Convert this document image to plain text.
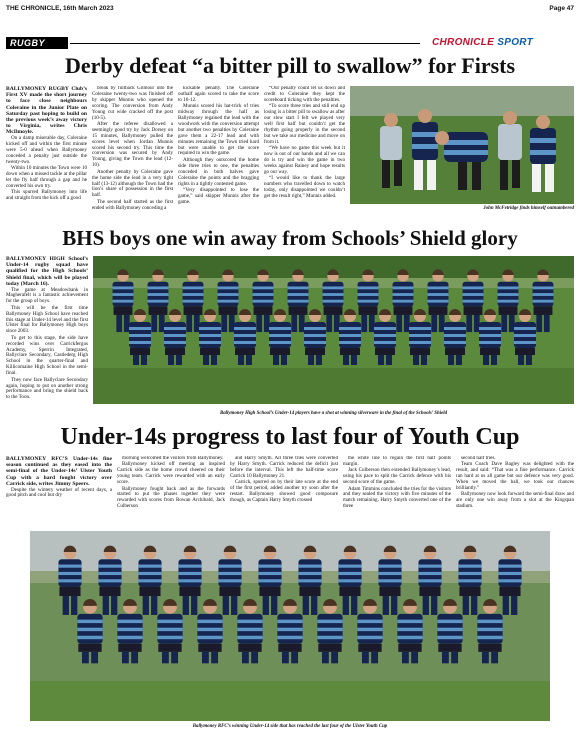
THE CHRONICLE, 16th March 2023	Page 47
RUGBY	CHRONICLE SPORT
Derby defeat “a bitter pill to swallow” for Firsts

BALLYMONEY RUGBY Club’s First XV made the short journey to face close neighbours Coleraine in the Junior Plate on Saturday past hoping to build on the previous week’s away victory to Virginia, writes Chris McIlmoyle.

On a damp miserable day, Coleraine kicked off and within the first minute were 5-0 ahead when Ballymoney conceded a penalty just outside the twenty-two.

Within 10 minutes the Town were 10 down when a missed tackle at the pillar let the fly half through a gap and he converted his own try.

This spurred Ballymoney into life and straight from the kick off a good

break by fullback Gilmour into the Coleraine twenty-two was finished off by skipper Munnis who opened the scoring. The conversion from Andy Young cut wide cracked off the post (10-5).

After the referee disallowed a seemingly good try by Jack Dorsey on 15 minutes, Ballymoney pulled the scores level when Jordan Munnis scored his second try. This time the conversion was secured by Andy Young, giving the Town the lead (12-10).

Another penalty by Coleraine gave the home side the lead in a very tight half (13-12) although the Town had the lion’s share of possession in the first half.

The second half started as the first ended with Ballymoney conceding a

kickable penalty. The Coleraine outhalf again scored to take the score to 16-12.

Munnis scored his hat-trick of tries midway through the half as Ballymoney regained the lead with the woodwork with the conversion attempt but another two penalties by Coleraine gave them a 22-17 lead and with minutes remaining the Town tried hard but were unable to get the score required to win the game.

Although they outscored the home side three tries to one, the penalties conceded in both halves gave Coleraine the points and the bragging rights in a tightly contested game.

“Very disappointed to lose the game,” said skipper Munnis after the game.

“Our penalty count let us down and credit to Coleraine they kept the scoreboard ticking with the penalties.

“To score three tries and still end up losing is a bitter pill to swallow as after our slow start I felt we played very well first half but couldn’t get the rhythm going properly in the second but we take our medicine and move on from it.

“We have no game this week but it now is out of our hands and all we can do is try and win the game in two weeks against Rainey and hope results go our way.

“I would like to thank the large numbers who travelled down to watch today, only disappointed we couldn’t get the result right,” Munnis added.

John McFetridge finds himself outnumbered
BHS boys one win away from Schools’ Shield glory

BALLYMONEY HIGH School’s Under-14 rugby squad have qualified for the High Schools’ Shield final, which will be played today (March 16).

The game at Meadowbank in Magherafelt is a fantastic achievement for the group of boys.

This will be the first time Ballymoney High School have reached this stage at Under-14 level and the first Ulster final for Ballymoney High boys since 2003.

To get to this stage, the side have recorded wins over Carrickfergus Academy, Sperrin Integrated, Ballyclare Secondary, Castlederg High School in the quarter-final and Killicomaine High School in the semi-final.

They now face Ballyclare Secondary again, hoping to put on another strong performance and bring the shield back to the Toon.

Ballymoney High School’s Under-14 players have a shot at winning silverware in the final of the Schools’ Shield
Under-14s progress to last four of Youth Cup

BALLYMONEY RFC’S Under-14s fine season continued as they eased into the semi-final of the Under-14s’ Ulster Youth Cup with a hard fought victory over Carrick side, writes Jimmy Speers.

Despite the wintery weather of recent days, a good pitch and cool but dry

morning welcomed the visitors from Ballymoney.

Ballymoney kicked off meeting an inspired Carrick side as the home crowd cheered on their young team. Carrick were rewarded with an early score.

Ballymoney fought back and as the forwards started to put the phases together they were rewarded with scores from Rowan Archibald, Jack Culberson

and Harry Smyth. All three tries were converted by Harry Smyth. Carrick reduced the deficit just before the interval. This left the half-time score Carrick 10 Ballymoney 21.

Carrick, spurred on by their late score at the end of the first period, added another try soon after the restart. Ballymoney showed good composure though, as Captain Harry Smyth crossed

the white line to regain the first half points margin.

Jack Culberson then extended Ballymoney’s lead, using his pace to split the Carrick defence with his second score of the game.

Adam Timmins concluded the tries for the visitors and they sealed the victory with five minutes of the match remaining. Harry Smyth converted one of the three

second half tries.

Team Coach Dave Bagley was delighted with the result, and said: “That was a fine performance. Carrick ran hard at us all game but our defence was very good. When we moved the ball, we took our chances brilliantly.”

Ballymoney now look forward the semi-final draw and are only one win away from a slot at the Kingspan stadium.

Ballymoney RFC’s winning Under-14 side that has reached the last four of the Ulster Youth Cup
